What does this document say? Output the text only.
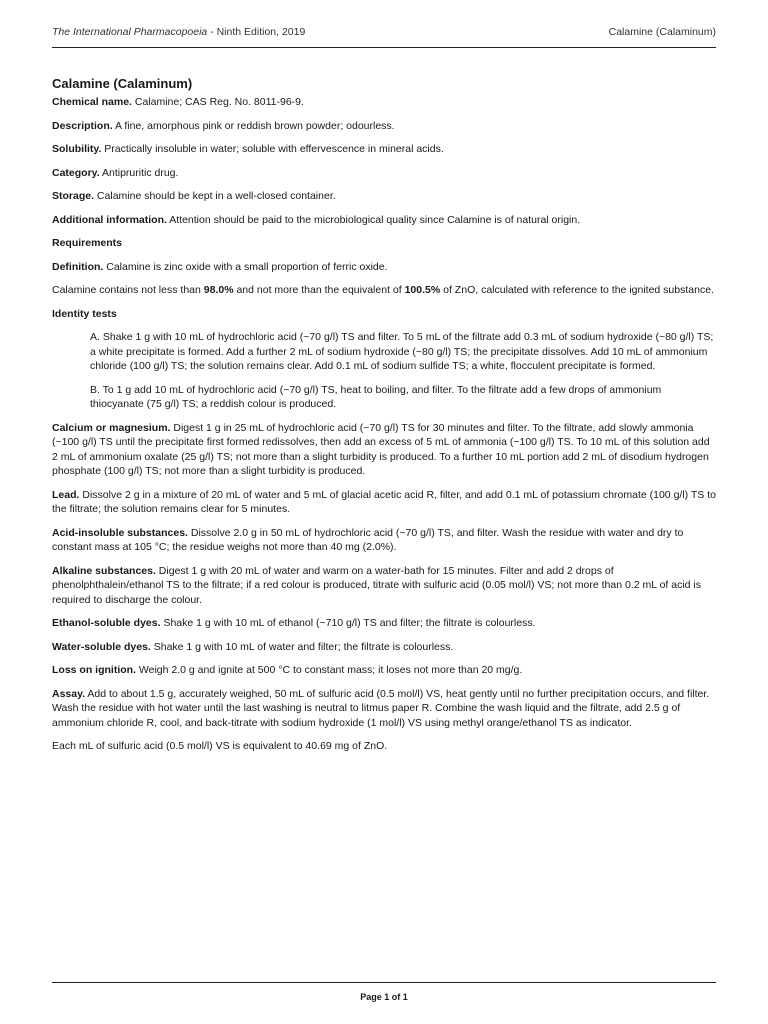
The International Pharmacopoeia - Ninth Edition, 2019	Calamine (Calaminum)
Calamine (Calaminum)
Chemical name. Calamine; CAS Reg. No. 8011-96-9.
Description. A fine, amorphous pink or reddish brown powder; odourless.
Solubility. Practically insoluble in water; soluble with effervescence in mineral acids.
Category. Antipruritic drug.
Storage. Calamine should be kept in a well-closed container.
Additional information. Attention should be paid to the microbiological quality since Calamine is of natural origin.
Requirements
Definition. Calamine is zinc oxide with a small proportion of ferric oxide.
Calamine contains not less than 98.0% and not more than the equivalent of 100.5% of ZnO, calculated with reference to the ignited substance.
Identity tests
A. Shake 1 g with 10 mL of hydrochloric acid (~70 g/l) TS and filter. To 5 mL of the filtrate add 0.3 mL of sodium hydroxide (~80 g/l) TS; a white precipitate is formed. Add a further 2 mL of sodium hydroxide (~80 g/l) TS; the precipitate dissolves. Add 10 mL of ammonium chloride (100 g/l) TS; the solution remains clear. Add 0.1 mL of sodium sulfide TS; a white, flocculent precipitate is formed.
B. To 1 g add 10 mL of hydrochloric acid (~70 g/l) TS, heat to boiling, and filter. To the filtrate add a few drops of ammonium thiocyanate (75 g/l) TS; a reddish colour is produced.
Calcium or magnesium. Digest 1 g in 25 mL of hydrochloric acid (~70 g/l) TS for 30 minutes and filter. To the filtrate, add slowly ammonia (~100 g/l) TS until the precipitate first formed redissolves, then add an excess of 5 mL of ammonia (~100 g/l) TS. To 10 mL of this solution add 2 mL of ammonium oxalate (25 g/l) TS; not more than a slight turbidity is produced. To a further 10 mL portion add 2 mL of disodium hydrogen phosphate (100 g/l) TS; not more than a slight turbidity is produced.
Lead. Dissolve 2 g in a mixture of 20 mL of water and 5 mL of glacial acetic acid R, filter, and add 0.1 mL of potassium chromate (100 g/l) TS to the filtrate; the solution remains clear for 5 minutes.
Acid-insoluble substances. Dissolve 2.0 g in 50 mL of hydrochloric acid (~70 g/l) TS, and filter. Wash the residue with water and dry to constant mass at 105 °C; the residue weighs not more than 40 mg (2.0%).
Alkaline substances. Digest 1 g with 20 mL of water and warm on a water-bath for 15 minutes. Filter and add 2 drops of phenolphthalein/ethanol TS to the filtrate; if a red colour is produced, titrate with sulfuric acid (0.05 mol/l) VS; not more than 0.2 mL of acid is required to discharge the colour.
Ethanol-soluble dyes. Shake 1 g with 10 mL of ethanol (~710 g/l) TS and filter; the filtrate is colourless.
Water-soluble dyes. Shake 1 g with 10 mL of water and filter; the filtrate is colourless.
Loss on ignition. Weigh 2.0 g and ignite at 500 °C to constant mass; it loses not more than 20 mg/g.
Assay. Add to about 1.5 g, accurately weighed, 50 mL of sulfuric acid (0.5 mol/l) VS, heat gently until no further precipitation occurs, and filter. Wash the residue with hot water until the last washing is neutral to litmus paper R. Combine the wash liquid and the filtrate, add 2.5 g of ammonium chloride R, cool, and back-titrate with sodium hydroxide (1 mol/l) VS using methyl orange/ethanol TS as indicator.
Each mL of sulfuric acid (0.5 mol/l) VS is equivalent to 40.69 mg of ZnO.
Page 1 of 1
